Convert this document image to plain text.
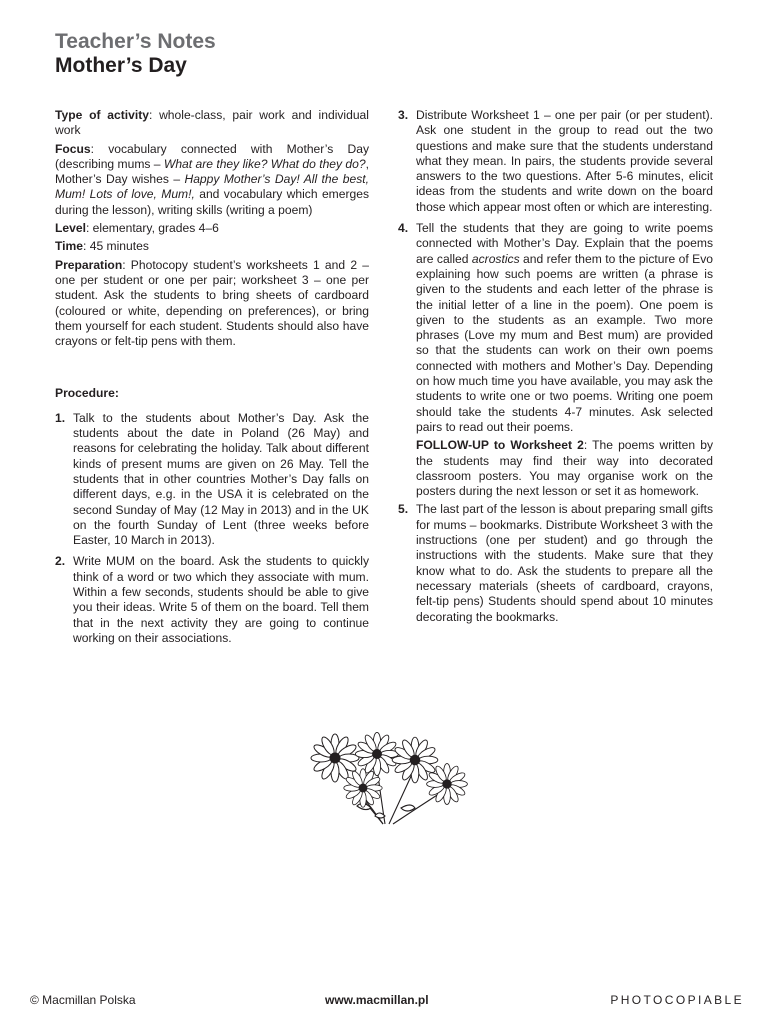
Teacher’s Notes
Mother’s Day

Type of activity: whole-class, pair work and individual work

Focus: vocabulary connected with Mother’s Day (describing mums – What are they like? What do they do?, Mother’s Day wishes – Happy Mother’s Day! All the best, Mum! Lots of love, Mum!, and vocabulary which emerges during the lesson), writing skills (writing a poem)

Level: elementary, grades 4–6

Time: 45 minutes

Preparation: Photocopy student’s worksheets 1 and 2 – one per student or one per pair; worksheet 3 – one per student. Ask the students to bring sheets of cardboard (coloured or white, depending on preferences), or bring them yourself for each student. Students should also have crayons or felt-tip pens with them.

Procedure:

1. Talk to the students about Mother’s Day. Ask the students about the date in Poland (26 May) and reasons for celebrating the holiday. Talk about different kinds of present mums are given on 26 May. Tell the students that in other countries Mother’s Day falls on different days, e.g. in the USA it is celebrated on the second Sunday of May (12 May in 2013) and in the UK on the fourth Sunday of Lent (three weeks before Easter, 10 March in 2013).
2. Write MUM on the board. Ask the students to quickly think of a word or two which they associate with mum. Within a few seconds, students should be able to give you their ideas. Write 5 of them on the board. Tell them that in the next activity they are going to continue working on their associations.
3. Distribute Worksheet 1 – one per pair (or per student). Ask one student in the group to read out the two questions and make sure that the students understand what they mean. In pairs, the students provide several answers to the two questions. After 5-6 minutes, elicit ideas from the students and write down on the board those which appear most often or which are interesting.
4. Tell the students that they are going to write poems connected with Mother’s Day. Explain that the poems are called acrostics and refer them to the picture of Evo explaining how such poems are written (a phrase is given to the students and each letter of the phrase is the initial letter of a line in the poem). One poem is given to the students as an example. Two more phrases (Love my mum and Best mum) are provided so that the students can work on their own poems connected with mothers and Mother’s Day. Depending on how much time you have available, you may ask the students to write one or two poems. Writing one poem should take the students 4-7 minutes. Ask selected pairs to read out their poems.

FOLLOW-UP to Worksheet 2: The poems written by the students may find their way into decorated classroom posters. You may organise work on the posters during the next lesson or set it as homework.

5. The last part of the lesson is about preparing small gifts for mums – bookmarks. Distribute Worksheet 3 with the instructions (one per student) and go through the instructions with the students. Make sure that they know what to do. Ask the students to prepare all the necessary materials (sheets of cardboard, crayons, felt-tip pens) Students should spend about 10 minutes decorating the bookmarks.
© Macmillan Polska	www.macmillan.pl	PHOTOCOPIABLE
